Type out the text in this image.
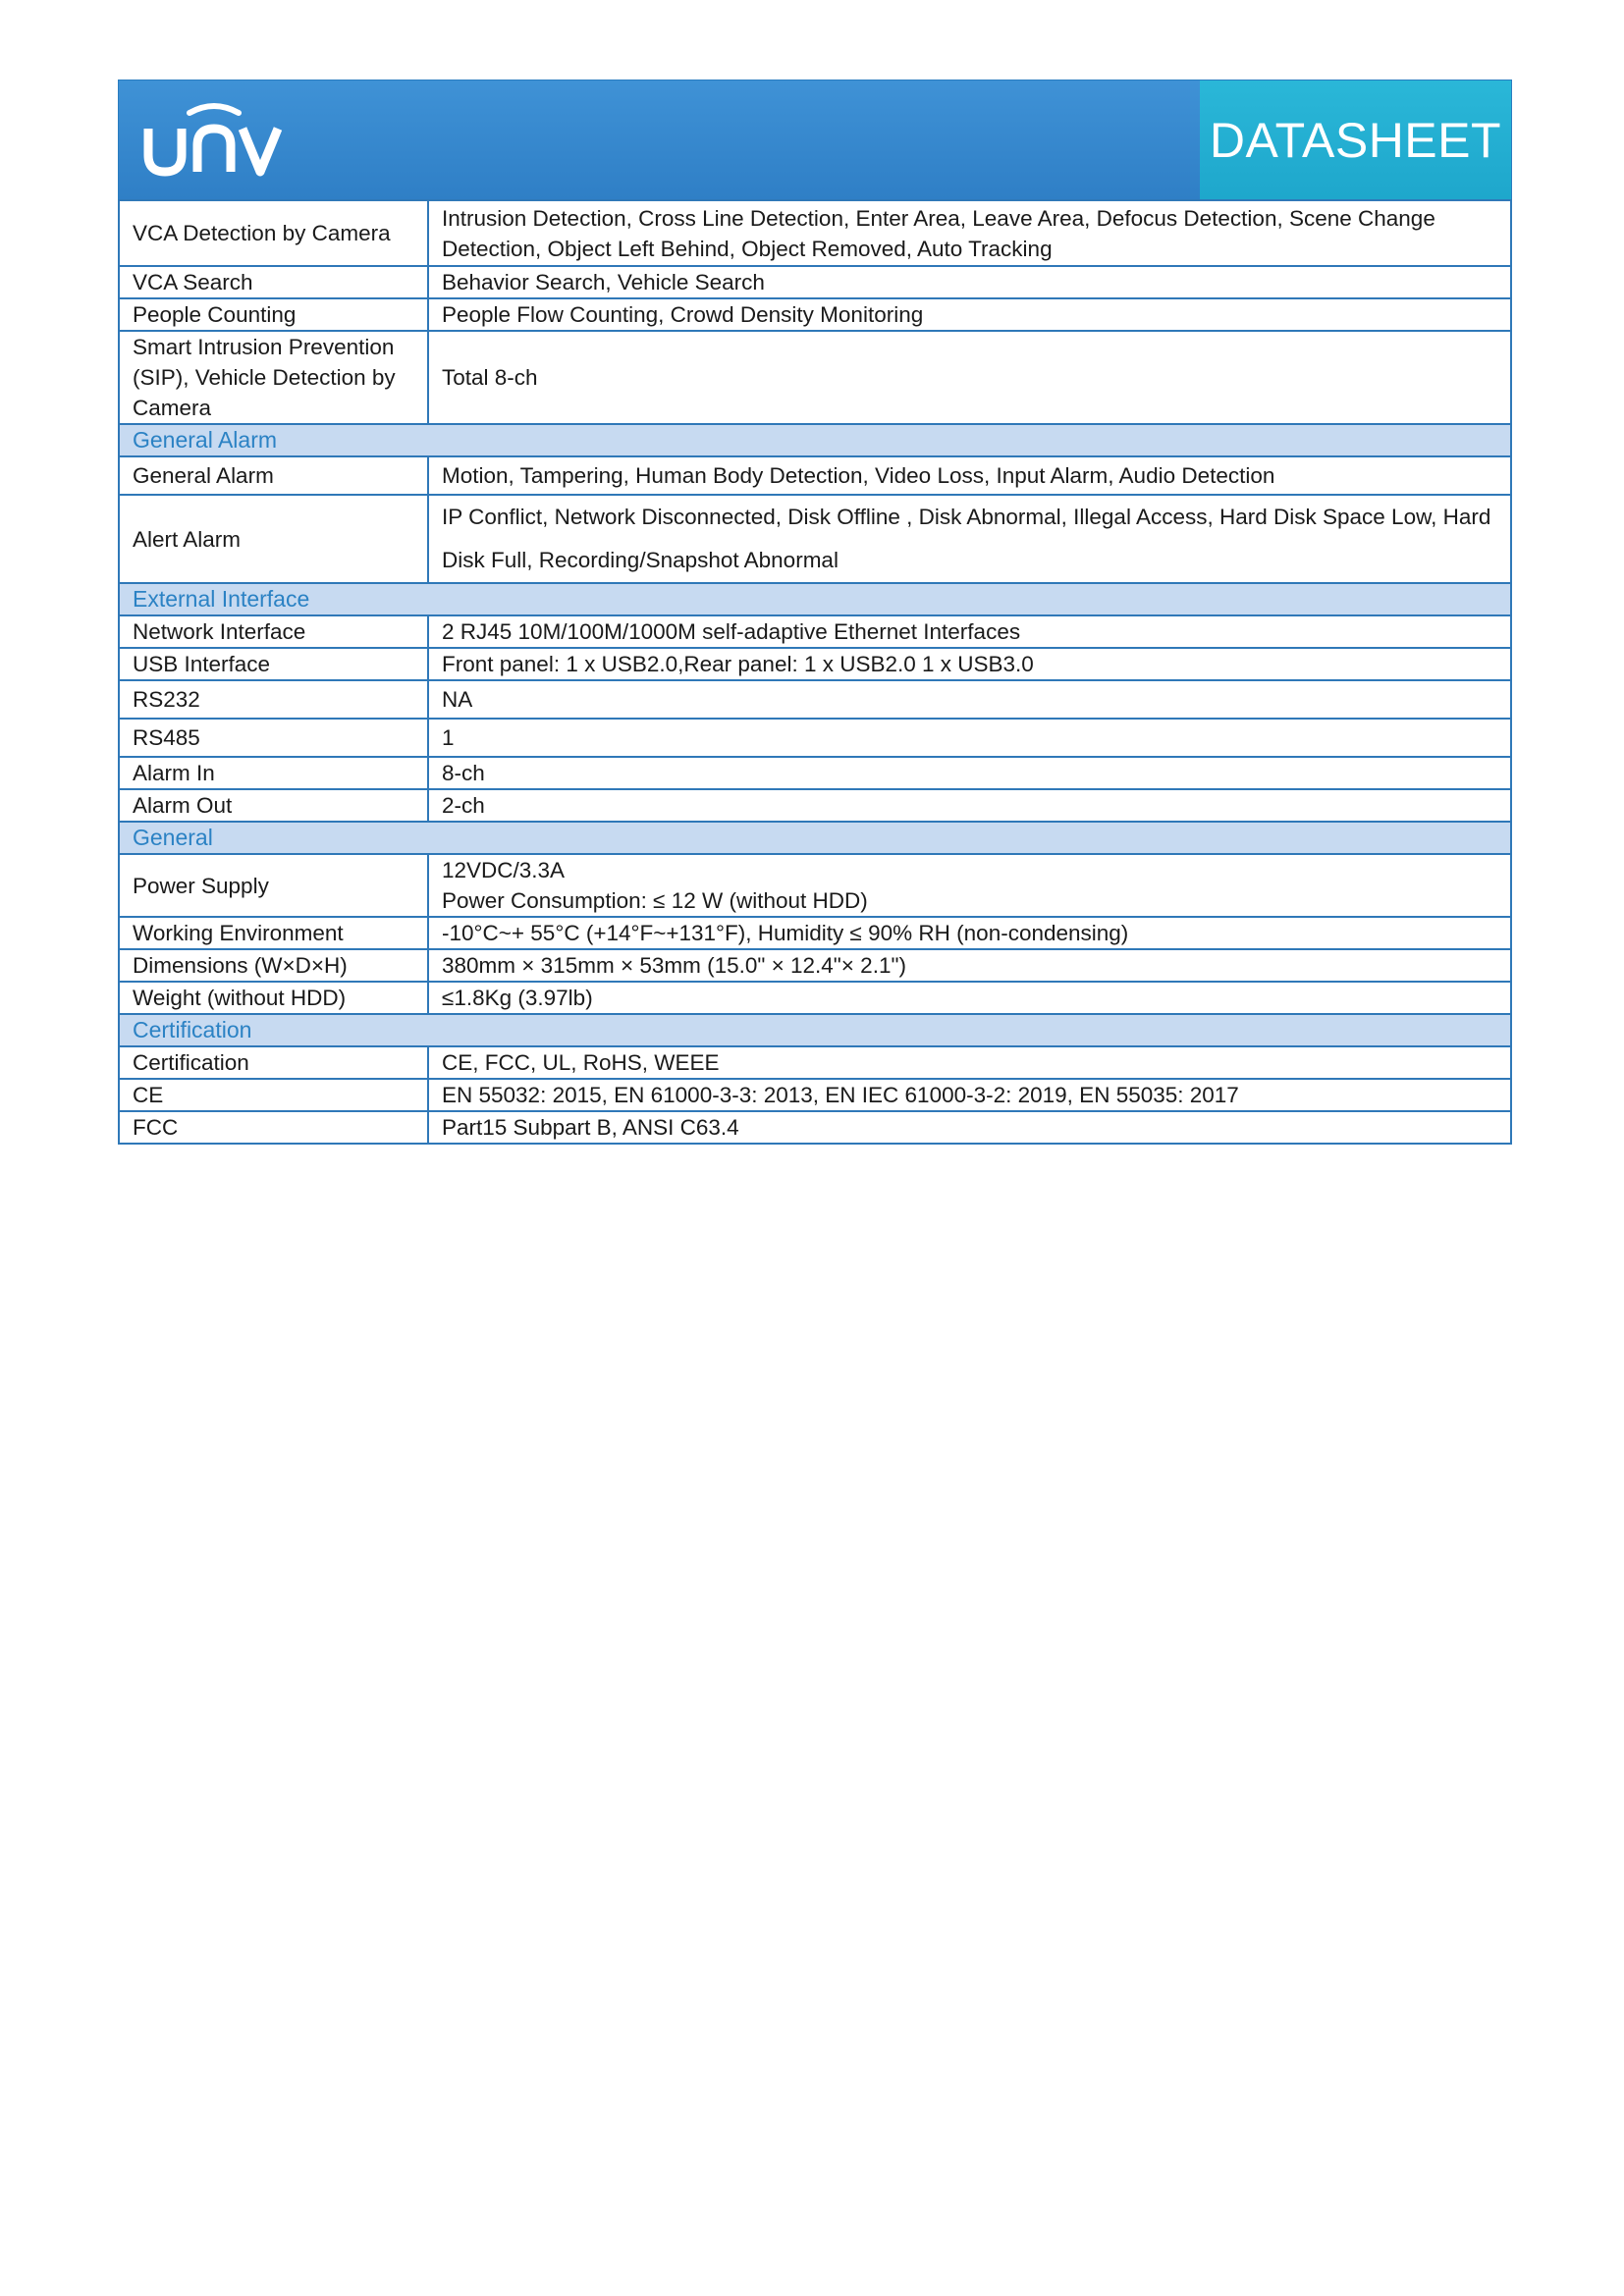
DATASHEET
VCA Detection by Camera	Intrusion Detection, Cross Line Detection, Enter Area, Leave Area, Defocus Detection, Scene Change
Detection, Object Left Behind, Object Removed, Auto Tracking

VCA Search	Behavior Search, Vehicle Search

People Counting	People Flow Counting, Crowd Density Monitoring

Smart Intrusion Prevention (SIP), Vehicle Detection by Camera	Total 8-ch

General Alarm	
General Alarm	Motion, Tampering, Human Body Detection, Video Loss, Input Alarm, Audio Detection

Alert Alarm	IP Conflict, Network Disconnected, Disk Offline , Disk Abnormal, Illegal Access, Hard Disk Space Low, Hard
Disk Full, Recording/Snapshot Abnormal

External Interface	
Network Interface	2 RJ45 10M/100M/1000M self-adaptive Ethernet Interfaces

USB Interface	Front panel: 1 x USB2.0,Rear panel: 1 x USB2.0 1 x USB3.0

RS232	NA

RS485	1

Alarm In	8-ch

Alarm Out	2-ch

General	
Power Supply	12VDC/3.3A
Power Consumption: ≤ 12 W (without HDD)

Working Environment	-10°C~+ 55°C (+14°F~+131°F), Humidity ≤ 90% RH (non-condensing)

Dimensions (W×D×H)	380mm × 315mm × 53mm (15.0" × 12.4"× 2.1")

Weight (without HDD)	≤1.8Kg (3.97lb)

Certification	
Certification	CE, FCC, UL, RoHS, WEEE

CE	EN 55032: 2015, EN 61000-3-3: 2013, EN IEC 61000-3-2: 2019, EN 55035: 2017

FCC	Part15 Subpart B, ANSI C63.4
